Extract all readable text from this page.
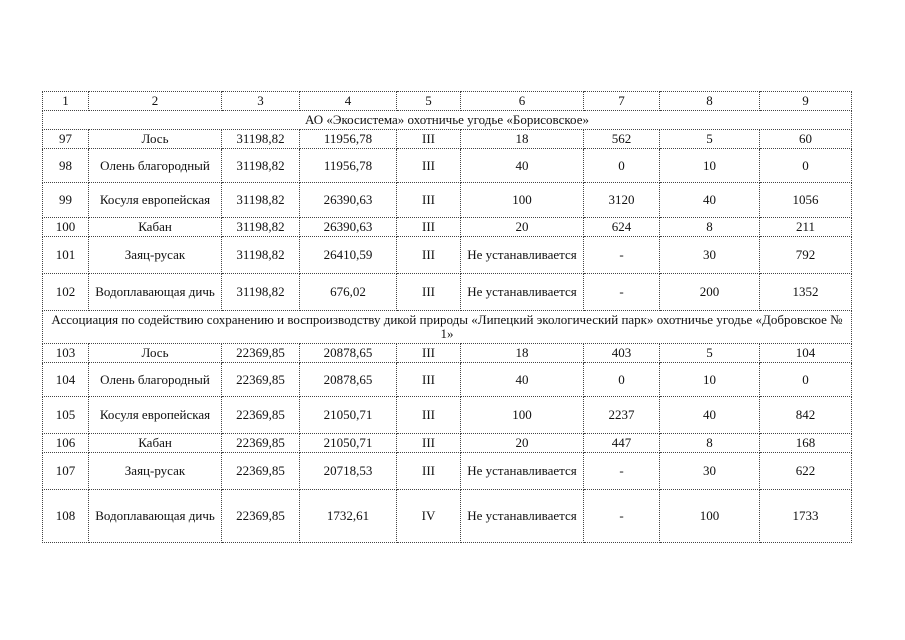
1	2	3	4	5	6	7	8	9
АО «Экосистема» охотничье угодье «Борисовское»								
97	Лось	31198,82	11956,78	III	18	562	5	60
98	Олень благородный	31198,82	11956,78	III	40	0	10	0
99	Косуля европейская	31198,82	26390,63	III	100	3120	40	1056
100	Кабан	31198,82	26390,63	III	20	624	8	211
101	Заяц-русак	31198,82	26410,59	III	Не устанавливается	-	30	792
102	Водоплавающая дичь	31198,82	676,02	III	Не устанавливается	-	200	1352
Ассоциация по содействию сохранению и воспроизводству дикой природы «Липецкий экологический парк» охотничье угодье «Добровское № 1»								
103	Лось	22369,85	20878,65	III	18	403	5	104
104	Олень благородный	22369,85	20878,65	III	40	0	10	0
105	Косуля европейская	22369,85	21050,71	III	100	2237	40	842
106	Кабан	22369,85	21050,71	III	20	447	8	168
107	Заяц-русак	22369,85	20718,53	III	Не устанавливается	-	30	622
108	Водоплавающая дичь	22369,85	1732,61	IV	Не устанавливается	-	100	1733
